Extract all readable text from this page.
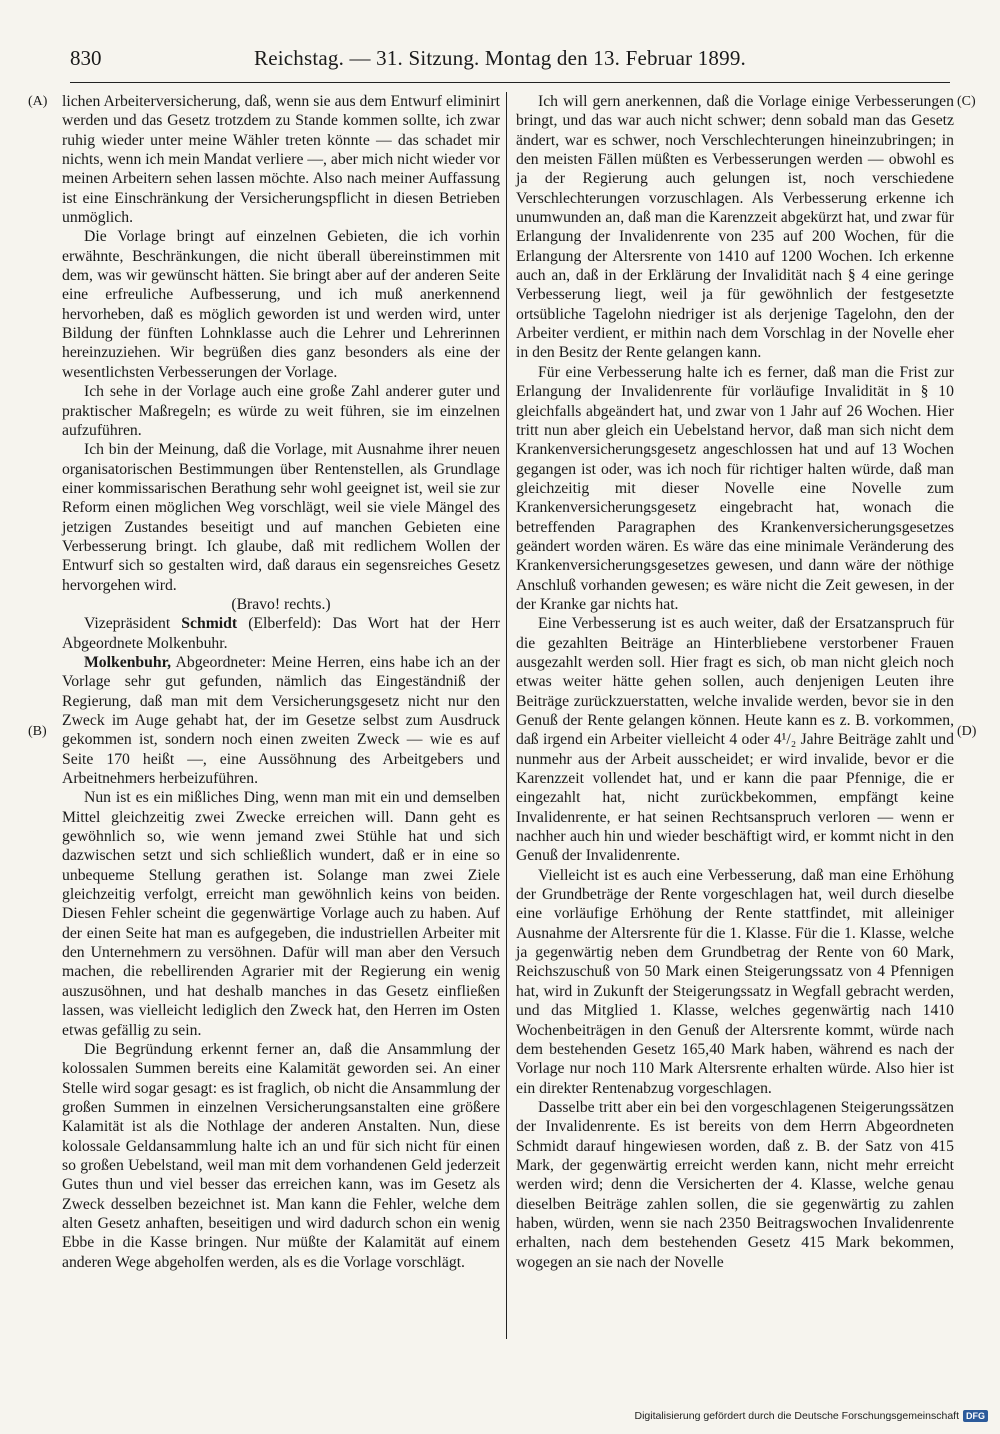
830	Reichstag. — 31. Sitzung. Montag den 13. Februar 1899.
(A)
(B)
(C)
(D)

lichen Arbeiterversicherung, daß, wenn sie aus dem Entwurf eliminirt werden und das Gesetz trotzdem zu Stande kommen sollte, ich zwar ruhig wieder unter meine Wähler treten könnte — das schadet mir nichts, wenn ich mein Mandat verliere —, aber mich nicht wieder vor meinen Arbeitern sehen lassen möchte. Also nach meiner Auffassung ist eine Einschränkung der Versicherungspflicht in diesen Betrieben unmöglich.

Die Vorlage bringt auf einzelnen Gebieten, die ich vorhin erwähnte, Beschränkungen, die nicht überall übereinstimmen mit dem, was wir gewünscht hätten. Sie bringt aber auf der anderen Seite eine erfreuliche Aufbesserung, und ich muß anerkennend hervorheben, daß es möglich geworden ist und werden wird, unter Bildung der fünften Lohnklasse auch die Lehrer und Lehrerinnen hereinzuziehen. Wir begrüßen dies ganz besonders als eine der wesentlichsten Verbesserungen der Vorlage.

Ich sehe in der Vorlage auch eine große Zahl anderer guter und praktischer Maßregeln; es würde zu weit führen, sie im einzelnen aufzuführen.

Ich bin der Meinung, daß die Vorlage, mit Ausnahme ihrer neuen organisatorischen Bestimmungen über Rentenstellen, als Grundlage einer kommissarischen Berathung sehr wohl geeignet ist, weil sie zur Reform einen möglichen Weg vorschlägt, weil sie viele Mängel des jetzigen Zustandes beseitigt und auf manchen Gebieten eine Verbesserung bringt. Ich glaube, daß mit redlichem Wollen der Entwurf sich so gestalten wird, daß daraus ein segensreiches Gesetz hervorgehen wird.

(Bravo! rechts.)

Vizepräsident Schmidt (Elberfeld): Das Wort hat der Herr Abgeordnete Molkenbuhr.

Molkenbuhr, Abgeordneter: Meine Herren, eins habe ich an der Vorlage sehr gut gefunden, nämlich das Eingeständniß der Regierung, daß man mit dem Versicherungsgesetz nicht nur den Zweck im Auge gehabt hat, der im Gesetze selbst zum Ausdruck gekommen ist, sondern noch einen zweiten Zweck — wie es auf Seite 170 heißt —, eine Aussöhnung des Arbeitgebers und Arbeitnehmers herbeizuführen.

Nun ist es ein mißliches Ding, wenn man mit ein und demselben Mittel gleichzeitig zwei Zwecke erreichen will. Dann geht es gewöhnlich so, wie wenn jemand zwei Stühle hat und sich dazwischen setzt und sich schließlich wundert, daß er in eine so unbequeme Stellung gerathen ist. Solange man zwei Ziele gleichzeitig verfolgt, erreicht man gewöhnlich keins von beiden. Diesen Fehler scheint die gegenwärtige Vorlage auch zu haben. Auf der einen Seite hat man es aufgegeben, die industriellen Arbeiter mit den Unternehmern zu versöhnen. Dafür will man aber den Versuch machen, die rebellirenden Agrarier mit der Regierung ein wenig auszusöhnen, und hat deshalb manches in das Gesetz einfließen lassen, was vielleicht lediglich den Zweck hat, den Herren im Osten etwas gefällig zu sein.

Die Begründung erkennt ferner an, daß die Ansammlung der kolossalen Summen bereits eine Kalamität geworden sei. An einer Stelle wird sogar gesagt: es ist fraglich, ob nicht die Ansammlung der großen Summen in einzelnen Versicherungsanstalten eine größere Kalamität ist als die Nothlage der anderen Anstalten. Nun, diese kolossale Geldansammlung halte ich an und für sich nicht für einen so großen Uebelstand, weil man mit dem vorhandenen Geld jederzeit Gutes thun und viel besser das erreichen kann, was im Gesetz als Zweck desselben bezeichnet ist. Man kann die Fehler, welche dem alten Gesetz anhaften, beseitigen und wird dadurch schon ein wenig Ebbe in die Kasse bringen. Nur müßte der Kalamität auf einem anderen Wege abgeholfen werden, als es die Vorlage vorschlägt.

Ich will gern anerkennen, daß die Vorlage einige Verbesserungen bringt, und das war auch nicht schwer; denn sobald man das Gesetz ändert, war es schwer, noch Verschlechterungen hineinzubringen; in den meisten Fällen müßten es Verbesserungen werden — obwohl es ja der Regierung auch gelungen ist, noch verschiedene Verschlechterungen vorzuschlagen. Als Verbesserung erkenne ich unumwunden an, daß man die Karenzzeit abgekürzt hat, und zwar für Erlangung der Invalidenrente von 235 auf 200 Wochen, für die Erlangung der Altersrente von 1410 auf 1200 Wochen. Ich erkenne auch an, daß in der Erklärung der Invalidität nach § 4 eine geringe Verbesserung liegt, weil ja für gewöhnlich der festgesetzte ortsübliche Tagelohn niedriger ist als derjenige Tagelohn, den der Arbeiter verdient, er mithin nach dem Vorschlag in der Novelle eher in den Besitz der Rente gelangen kann.

Für eine Verbesserung halte ich es ferner, daß man die Frist zur Erlangung der Invalidenrente für vorläufige Invalidität in § 10 gleichfalls abgeändert hat, und zwar von 1 Jahr auf 26 Wochen. Hier tritt nun aber gleich ein Uebelstand hervor, daß man sich nicht dem Krankenversicherungsgesetz angeschlossen hat und auf 13 Wochen gegangen ist oder, was ich noch für richtiger halten würde, daß man gleichzeitig mit dieser Novelle eine Novelle zum Krankenversicherungsgesetz eingebracht hat, wonach die betreffenden Paragraphen des Krankenversicherungsgesetzes geändert worden wären. Es wäre das eine minimale Veränderung des Krankenversicherungsgesetzes gewesen, und dann wäre der nöthige Anschluß vorhanden gewesen; es wäre nicht die Zeit gewesen, in der der Kranke gar nichts hat.

Eine Verbesserung ist es auch weiter, daß der Ersatzanspruch für die gezahlten Beiträge an Hinterbliebene verstorbener Frauen ausgezahlt werden soll. Hier fragt es sich, ob man nicht gleich noch etwas weiter hätte gehen sollen, auch denjenigen Leuten ihre Beiträge zurückzuerstatten, welche invalide werden, bevor sie in den Genuß der Rente gelangen können. Heute kann es z. B. vorkommen, daß irgend ein Arbeiter vielleicht 4 oder 4¹/₂ Jahre Beiträge zahlt und nunmehr aus der Arbeit ausscheidet; er wird invalide, bevor er die Karenzzeit vollendet hat, und er kann die paar Pfennige, die er eingezahlt hat, nicht zurückbekommen, empfängt keine Invalidenrente, er hat seinen Rechtsanspruch verloren — wenn er nachher auch hin und wieder beschäftigt wird, er kommt nicht in den Genuß der Invalidenrente.

Vielleicht ist es auch eine Verbesserung, daß man eine Erhöhung der Grundbeträge der Rente vorgeschlagen hat, weil durch dieselbe eine vorläufige Erhöhung der Rente stattfindet, mit alleiniger Ausnahme der Altersrente für die 1. Klasse. Für die 1. Klasse, welche ja gegenwärtig neben dem Grundbetrag der Rente von 60 Mark, Reichszuschuß von 50 Mark einen Steigerungssatz von 4 Pfennigen hat, wird in Zukunft der Steigerungssatz in Wegfall gebracht werden, und das Mitglied 1. Klasse, welches gegenwärtig nach 1410 Wochenbeiträgen in den Genuß der Altersrente kommt, würde nach dem bestehenden Gesetz 165,40 Mark haben, während es nach der Vorlage nur noch 110 Mark Altersrente erhalten würde. Also hier ist ein direkter Rentenabzug vorgeschlagen.

Dasselbe tritt aber ein bei den vorgeschlagenen Steigerungssätzen der Invalidenrente. Es ist bereits von dem Herrn Abgeordneten Schmidt darauf hingewiesen worden, daß z. B. der Satz von 415 Mark, der gegenwärtig erreicht werden kann, nicht mehr erreicht werden wird; denn die Versicherten der 4. Klasse, welche genau dieselben Beiträge zahlen sollen, die sie gegenwärtig zu zahlen haben, würden, wenn sie nach 2350 Beitragswochen Invalidenrente erhalten, nach dem bestehenden Gesetz 415 Mark bekommen, wogegen an sie nach der Novelle

Digitalisierung gefördert durch die Deutsche Forschungsgemeinschaft DFG
